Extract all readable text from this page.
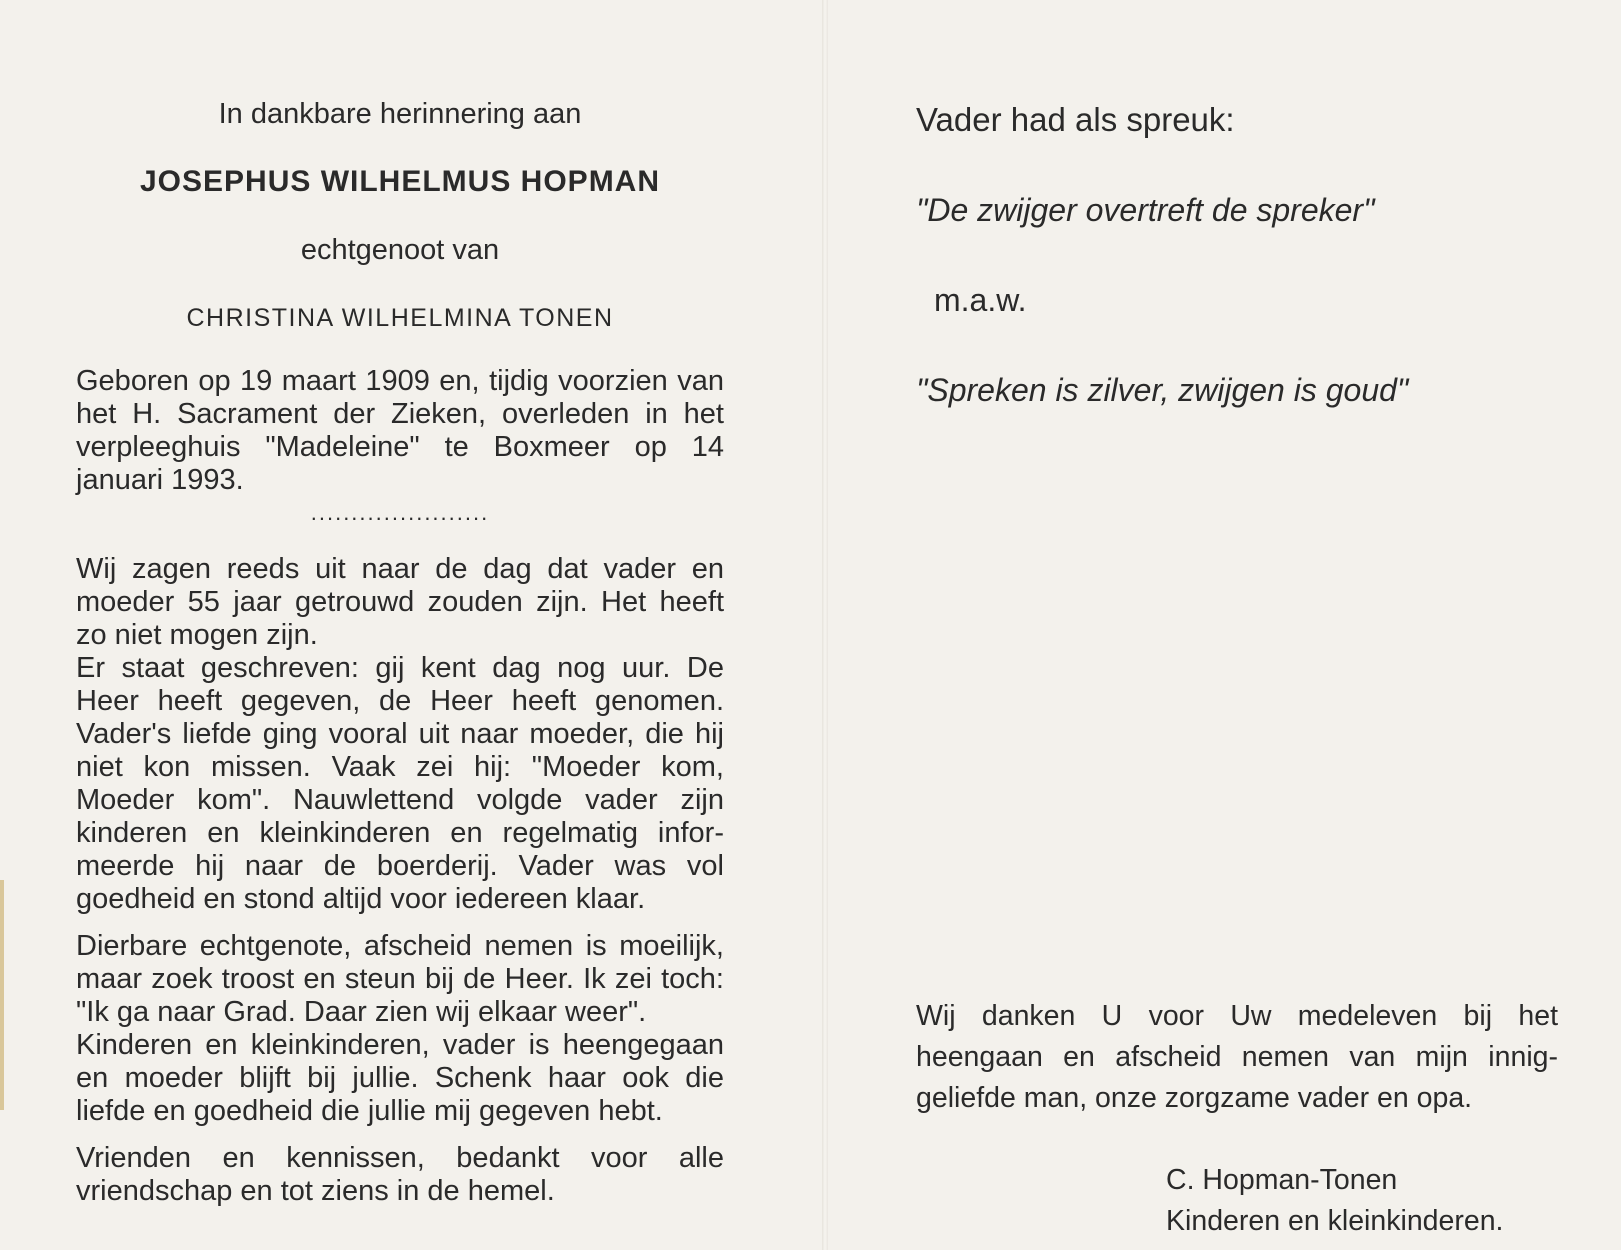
In dankbare herinnering aan
JOSEPHUS WILHELMUS HOPMAN
echtgenoot van
CHRISTINA WILHELMINA TONEN

Geboren op 19 maart 1909 en, tijdig voorzien van het H. Sacrament der Zieken, overleden in het verpleeghuis "Madeleine" te Boxmeer op 14 januari 1993.

......................

Wij zagen reeds uit naar de dag dat vader en moeder 55 jaar getrouwd zouden zijn. Het heeft zo niet mogen zijn.

Er staat geschreven: gij kent dag nog uur. De Heer heeft gegeven, de Heer heeft genomen. Vader's liefde ging vooral uit naar moeder, die hij niet kon missen. Vaak zei hij: "Moeder kom, Moeder kom". Nauwlettend volgde vader zijn kinderen en kleinkinderen en regelmatig infor-meerde hij naar de boerderij. Vader was vol goedheid en stond altijd voor iedereen klaar.

Dierbare echtgenote, afscheid nemen is moeilijk, maar zoek troost en steun bij de Heer. Ik zei toch: "Ik ga naar Grad. Daar zien wij elkaar weer".

Kinderen en kleinkinderen, vader is heengegaan en moeder blijft bij jullie. Schenk haar ook die liefde en goedheid die jullie mij gegeven hebt.

Vrienden en kennissen, bedankt voor alle vriendschap en tot ziens in de hemel.

Vader had als spreuk:
"De zwijger overtreft de spreker"
m.a.w.
"Spreken is zilver, zwijgen is goud"
Wij danken U voor Uw medeleven bij het heengaan en afscheid nemen van mijn innig-geliefde man, onze zorgzame vader en opa.
C. Hopman-Tonen
Kinderen en kleinkinderen.
